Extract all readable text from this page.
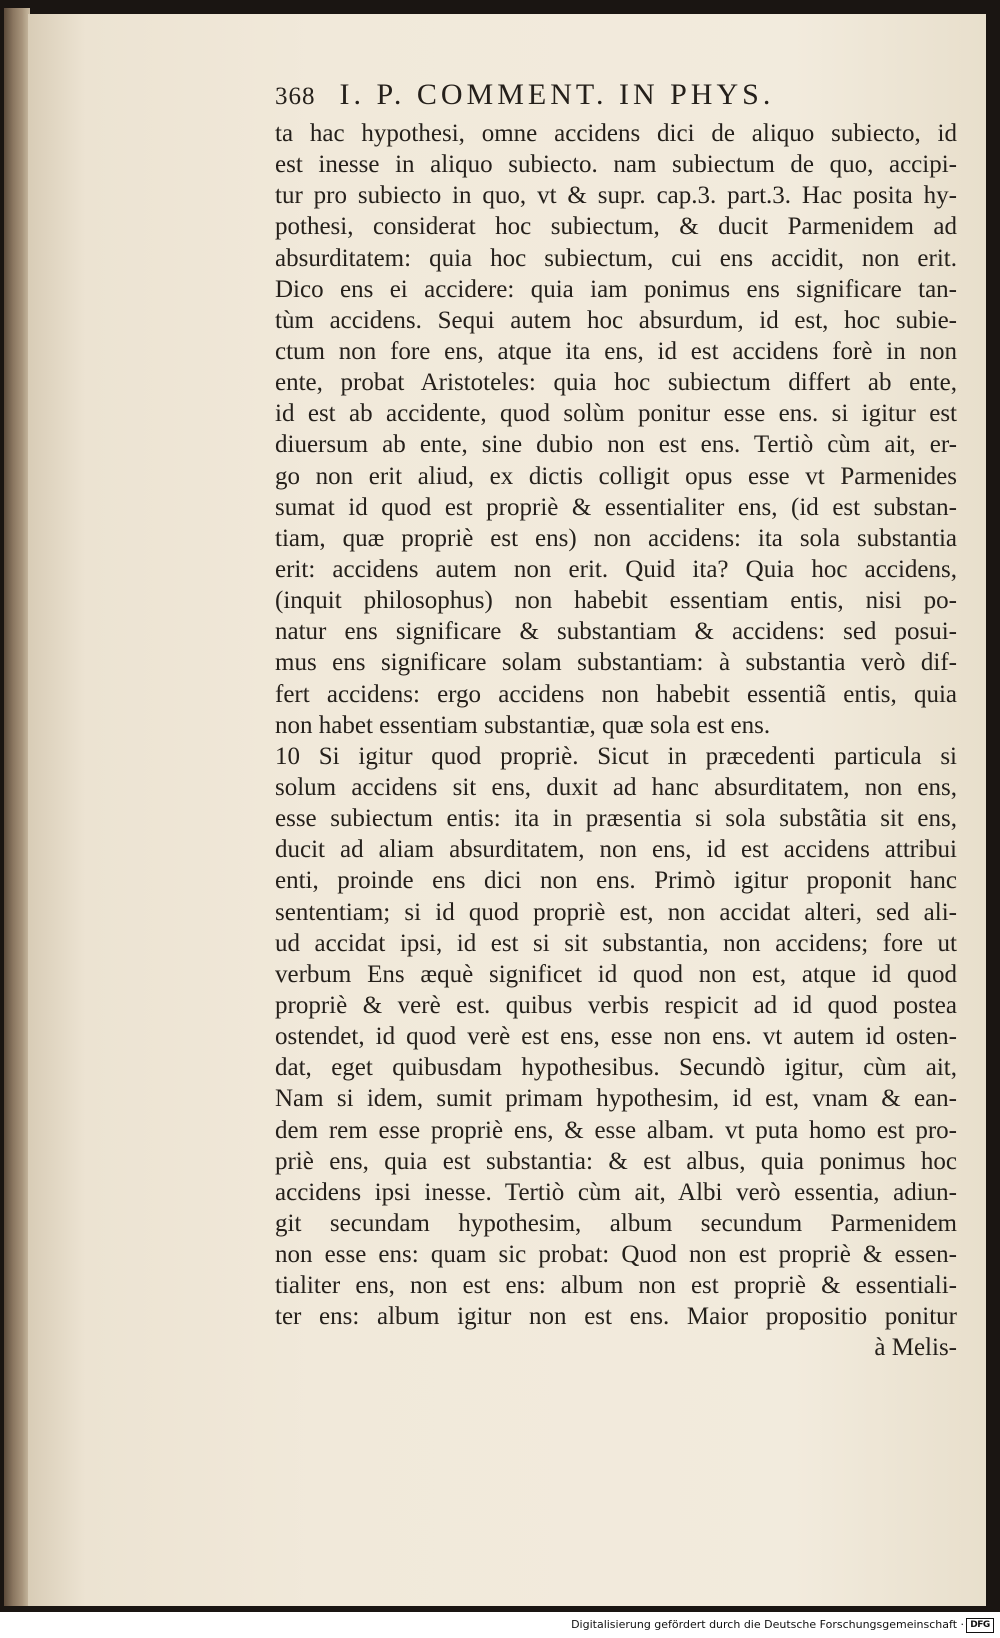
368 I. P. COMMENT. IN PHYS.
ta hac hypothesi, omne accidens dici de aliquo subiecto, id
est inesse in aliquo subiecto. nam subiectum de quo, accipi-
tur pro subiecto in quo, vt & supr. cap.3. part.3. Hac posita hy-
pothesi, considerat hoc subiectum, & ducit Parmenidem ad
absurditatem: quia hoc subiectum, cui ens accidit, non erit.
Dico ens ei accidere: quia iam ponimus ens significare tan-
tùm accidens. Sequi autem hoc absurdum, id est, hoc subie-
ctum non fore ens, atque ita ens, id est accidens forè in non
ente, probat Aristoteles: quia hoc subiectum differt ab ente,
id est ab accidente, quod solùm ponitur esse ens. si igitur est
diuersum ab ente, sine dubio non est ens. Tertiò cùm ait, er-
go non erit aliud, ex dictis colligit opus esse vt Parmenides
sumat id quod est propriè & essentialiter ens, (id est substan-
tiam, quæ propriè est ens) non accidens: ita sola substantia
erit: accidens autem non erit. Quid ita? Quia hoc accidens,
(inquit philosophus) non habebit essentiam entis, nisi po-
natur ens significare & substantiam & accidens: sed posui-
mus ens significare solam substantiam: à substantia verò dif-
fert accidens: ergo accidens non habebit essentiã entis, quia
non habet essentiam substantiæ, quæ sola est ens.
10 Si igitur quod propriè. Sicut in præcedenti particula si
solum accidens sit ens, duxit ad hanc absurditatem, non ens,
esse subiectum entis: ita in præsentia si sola substãtia sit ens,
ducit ad aliam absurditatem, non ens, id est accidens attribui
enti, proinde ens dici non ens. Primò igitur proponit hanc
sententiam; si id quod propriè est, non accidat alteri, sed ali-
ud accidat ipsi, id est si sit substantia, non accidens; fore ut
verbum Ens æquè significet id quod non est, atque id quod
propriè & verè est. quibus verbis respicit ad id quod postea
ostendet, id quod verè est ens, esse non ens. vt autem id osten-
dat, eget quibusdam hypothesibus. Secundò igitur, cùm ait,
Nam si idem, sumit primam hypothesim, id est, vnam & ean-
dem rem esse propriè ens, & esse albam. vt puta homo est pro-
priè ens, quia est substantia: & est albus, quia ponimus hoc
accidens ipsi inesse. Tertiò cùm ait, Albi verò essentia, adiun-
git secundam hypothesim, album secundum Parmenidem
non esse ens: quam sic probat: Quod non est propriè & essen-
tialiter ens, non est ens: album non est propriè & essentiali-
ter ens: album igitur non est ens. Maior propositio ponitur
à Melis-
Digitalisierung gefördert durch die Deutsche Forschungsgemeinschaft · DFG
